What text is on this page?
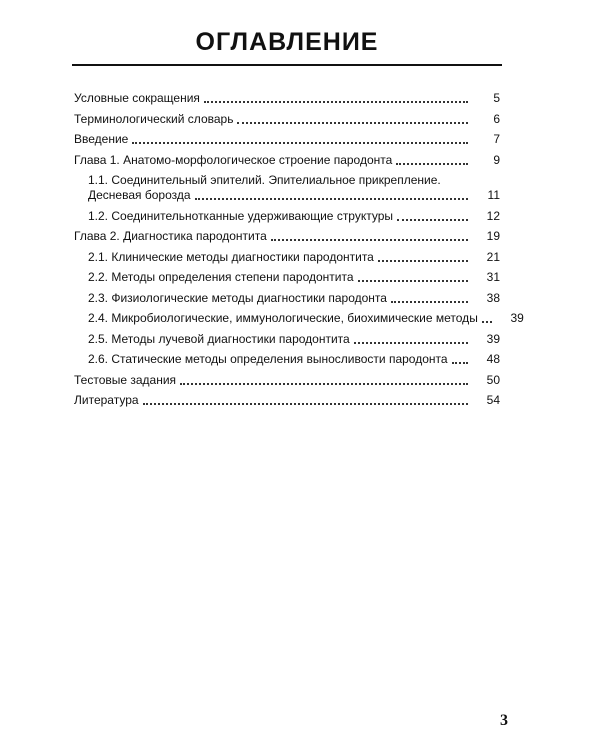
ОГЛАВЛЕНИЕ
Условные сокращения	5
Терминологический словарь	6
Введение	7
Глава 1. Анатомо-морфологическое строение пародонта	9
1.1. Соединительный эпителий. Эпителиальное прикрепление.
Десневая борозда	11
1.2. Соединительнотканные удерживающие структуры	12
Глава 2. Диагностика пародонтита	19
2.1. Клинические методы диагностики пародонтита	21
2.2. Методы определения степени пародонтита	31
2.3. Физиологические методы диагностики пародонта	38
2.4. Микробиологические, иммунологические, биохимические методы	39
2.5. Методы лучевой диагностики пародонтита	39
2.6. Статические методы определения выносливости пародонта	48
Тестовые задания	50
Литература	54
3
